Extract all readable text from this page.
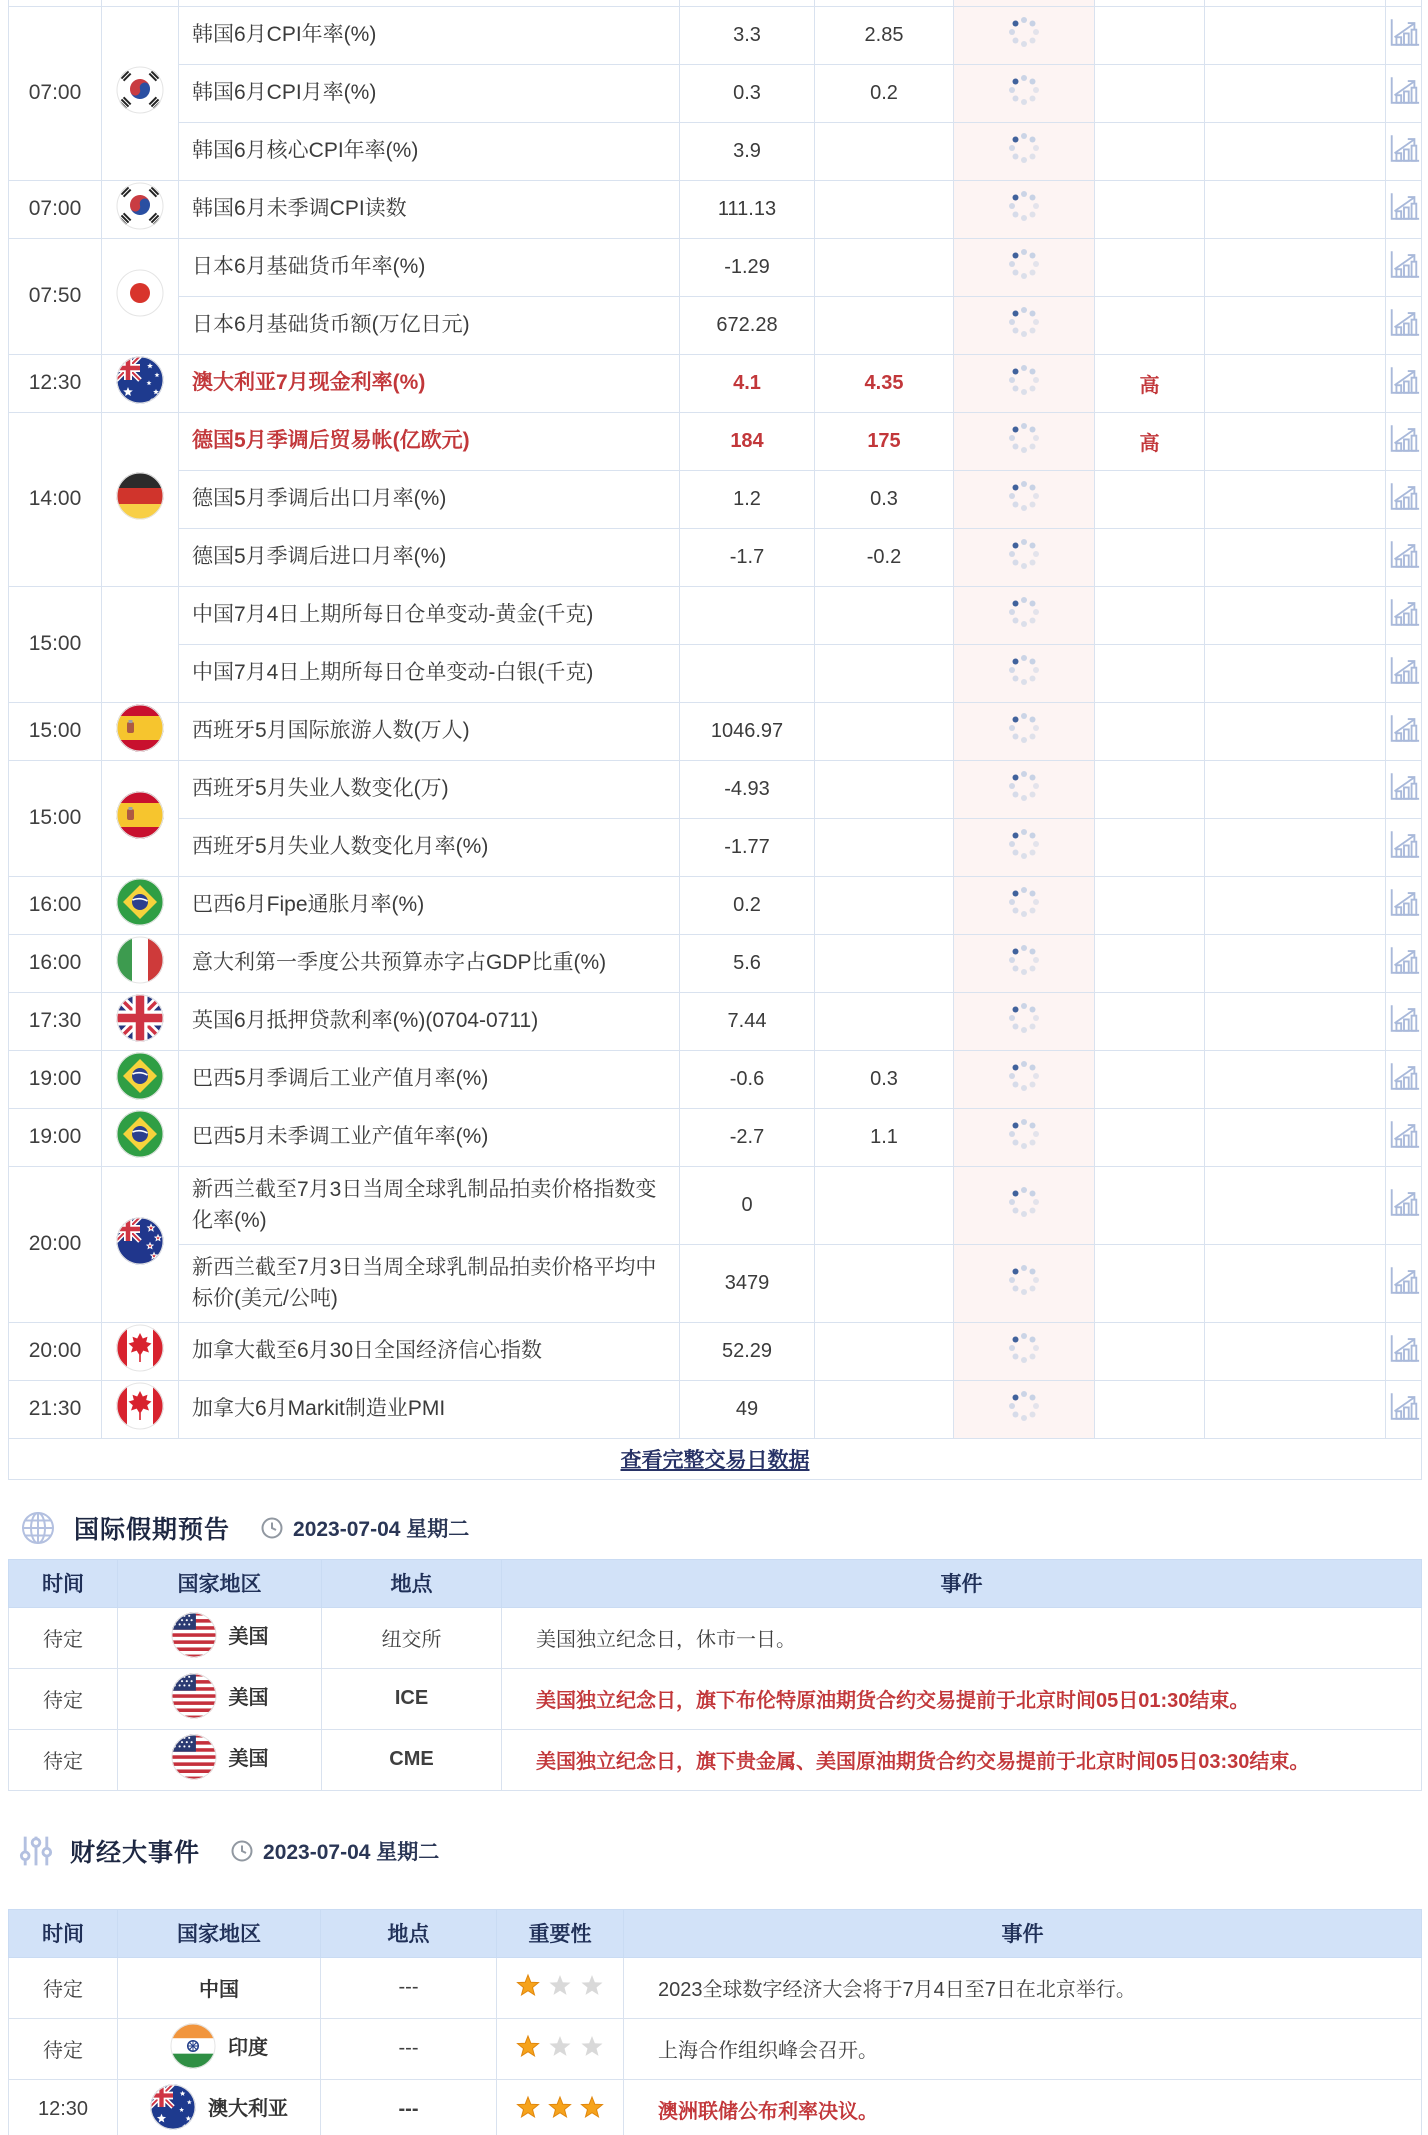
07:00		韩国6月CPI年率(%)	3.3	2.85	

		韩国6月CPI月率(%)	0.3	0.2	

		韩国6月核心CPI年率(%)	3.9		

07:00		韩国6月未季调CPI读数	111.13		

07:50		日本6月基础货币年率(%)	-1.29		

		日本6月基础货币额(万亿日元)	672.28		

12:30		澳大利亚7月现金利率(%)	4.1	4.35		高		

14:00		德国5月季调后贸易帐(亿欧元)	184	175		高		

		德国5月季调后出口月率(%)	1.2	0.3	

		德国5月季调后进口月率(%)	-1.7	-0.2	

15:00		中国7月4日上期所每日仓单变动-黄金(千克)			

		中国7月4日上期所每日仓单变动-白银(千克)			

15:00		西班牙5月国际旅游人数(万人)	1046.97		

15:00		西班牙5月失业人数变化(万)	-4.93		

		西班牙5月失业人数变化月率(%)	-1.77		

16:00		巴西6月Fipe通胀月率(%)	0.2		

16:00		意大利第一季度公共预算赤字占GDP比重(%)	5.6		

17:30		英国6月抵押贷款利率(%)(0704-0711)	7.44		

19:00		巴西5月季调后工业产值月率(%)	-0.6	0.3	

19:00		巴西5月未季调工业产值年率(%)	-2.7	1.1	

20:00		新西兰截至7月3日当周全球乳制品拍卖价格指数变化率(%)	0		

		新西兰截至7月3日当周全球乳制品拍卖价格平均中标价(美元/公吨)	3479		

20:00		加拿大截至6月30日全国经济信心指数	52.29		

21:30		加拿大6月Markit制造业PMI	49		

查看完整交易日数据								
国际假期预告	2023-07-04 星期二
时间	国家地区	地点	事件
待定	美国	纽交所	美国独立纪念日，休市一日。
待定	美国	ICE	美国独立纪念日，旗下布伦特原油期货合约交易提前于北京时间05日01:30结束。
待定	美国	CME	美国独立纪念日，旗下贵金属、美国原油期货合约交易提前于北京时间05日03:30结束。
财经大事件	2023-07-04 星期二
时间	国家地区	地点	重要性	事件
待定	中国	---		2023全球数字经济大会将于7月4日至7日在北京举行。
待定	印度	---		上海合作组织峰会召开。
12:30	澳大利亚	---		澳洲联储公布利率决议。
